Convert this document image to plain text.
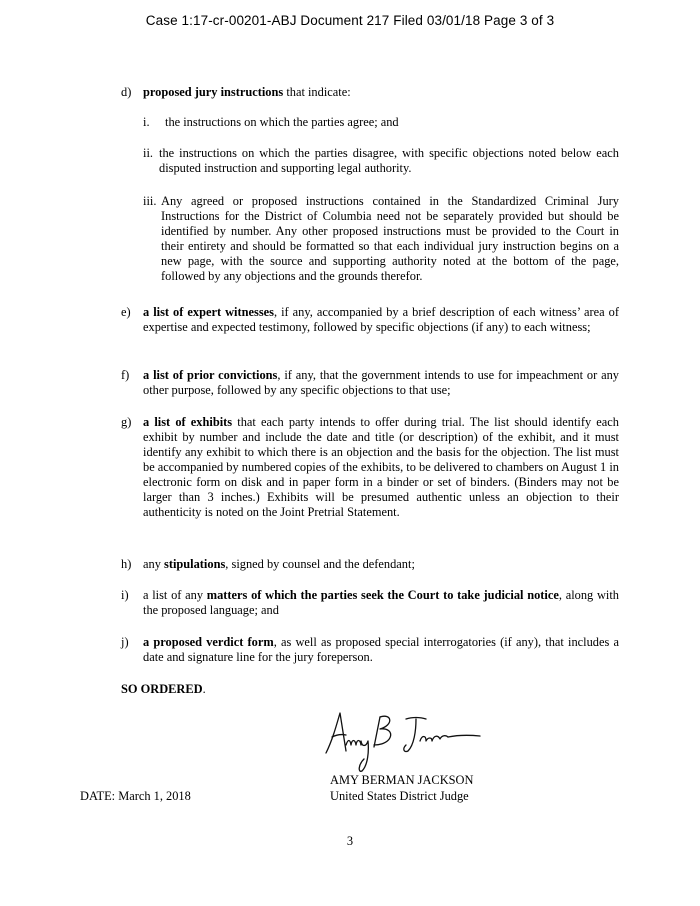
Case 1:17-cr-00201-ABJ Document 217 Filed 03/01/18 Page 3 of 3
d) proposed jury instructions that indicate:
i.	the instructions on which the parties agree; and
ii. the instructions on which the parties disagree, with specific objections noted below each disputed instruction and supporting legal authority.
iii. Any agreed or proposed instructions contained in the Standardized Criminal Jury Instructions for the District of Columbia need not be separately provided but should be identified by number. Any other proposed instructions must be provided to the Court in their entirety and should be formatted so that each individual jury instruction begins on a new page, with the source and supporting authority noted at the bottom of the page, followed by any objections and the grounds therefor.
e) a list of expert witnesses, if any, accompanied by a brief description of each witness’ area of expertise and expected testimony, followed by specific objections (if any) to each witness;
f)	a list of prior convictions, if any, that the government intends to use for impeachment or any other purpose, followed by any specific objections to that use;
g) a list of exhibits that each party intends to offer during trial. The list should identify each exhibit by number and include the date and title (or description) of the exhibit, and it must identify any exhibit to which there is an objection and the basis for the objection. The list must be accompanied by numbered copies of the exhibits, to be delivered to chambers on August 1 in electronic form on disk and in paper form in a binder or set of binders. (Binders may not be larger than 3 inches.) Exhibits will be presumed authentic unless an objection to their authenticity is noted on the Joint Pretrial Statement.
h) any stipulations, signed by counsel and the defendant;
i)	a list of any matters of which the parties seek the Court to take judicial notice, along with the proposed language; and
j)	a proposed verdict form, as well as proposed special interrogatories (if any), that includes a date and signature line for the jury foreperson.
SO ORDERED.
AMY BERMAN JACKSON
United States District Judge
DATE: March 1, 2018
3
